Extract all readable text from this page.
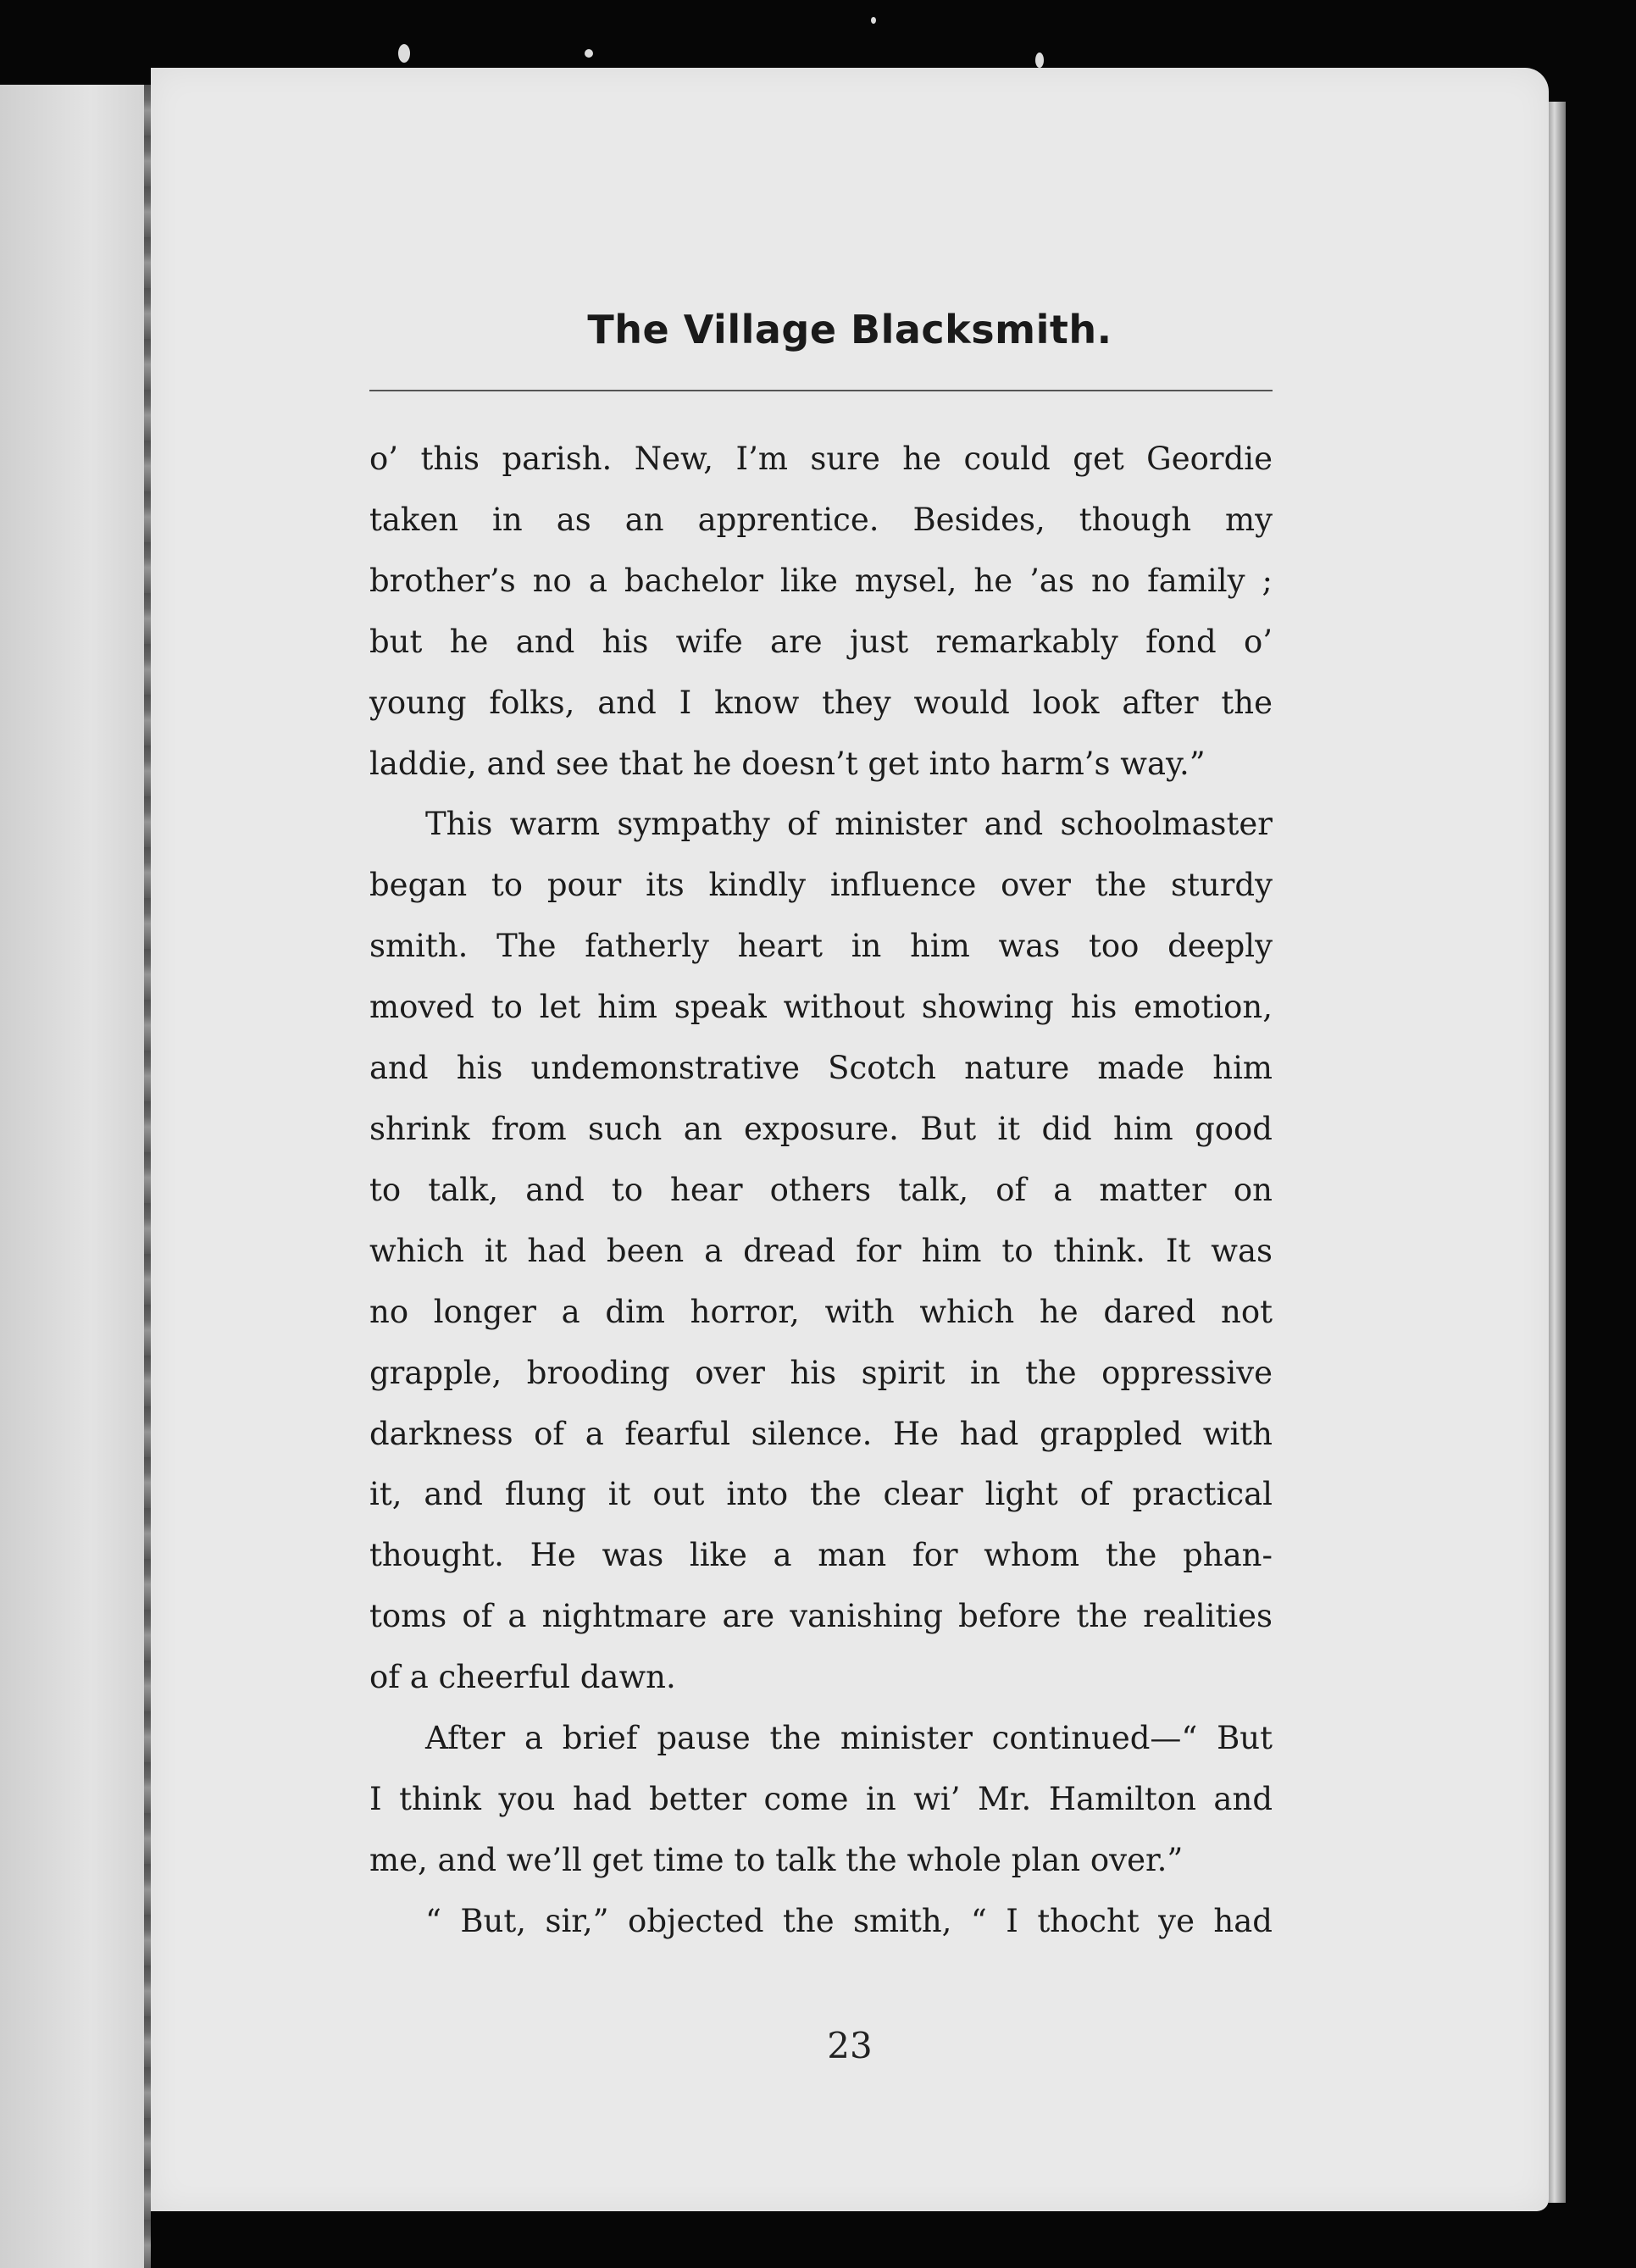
The Village Blacksmith.
o’ this parish. New, I’m sure he could get Geordie
taken in as an apprentice. Besides, though my
brother’s no a bachelor like mysel, he ’as no family ;
but he and his wife are just remarkably fond o’
young folks, and I know they would look after the
laddie, and see that he doesn’t get into harm’s way.”
This warm sympathy of minister and schoolmaster
began to pour its kindly influence over the sturdy
smith. The fatherly heart in him was too deeply
moved to let him speak without showing his emotion,
and his undemonstrative Scotch nature made him
shrink from such an exposure. But it did him good
to talk, and to hear others talk, of a matter on
which it had been a dread for him to think. It was
no longer a dim horror, with which he dared not
grapple, brooding over his spirit in the oppressive
darkness of a fearful silence. He had grappled with
it, and flung it out into the clear light of practical
thought. He was like a man for whom the phan-
toms of a nightmare are vanishing before the realities
of a cheerful dawn.
After a brief pause the minister continued—“ But
I think you had better come in wi’ Mr. Hamilton and
me, and we’ll get time to talk the whole plan over.”
“ But, sir,” objected the smith, “ I thocht ye had
23
